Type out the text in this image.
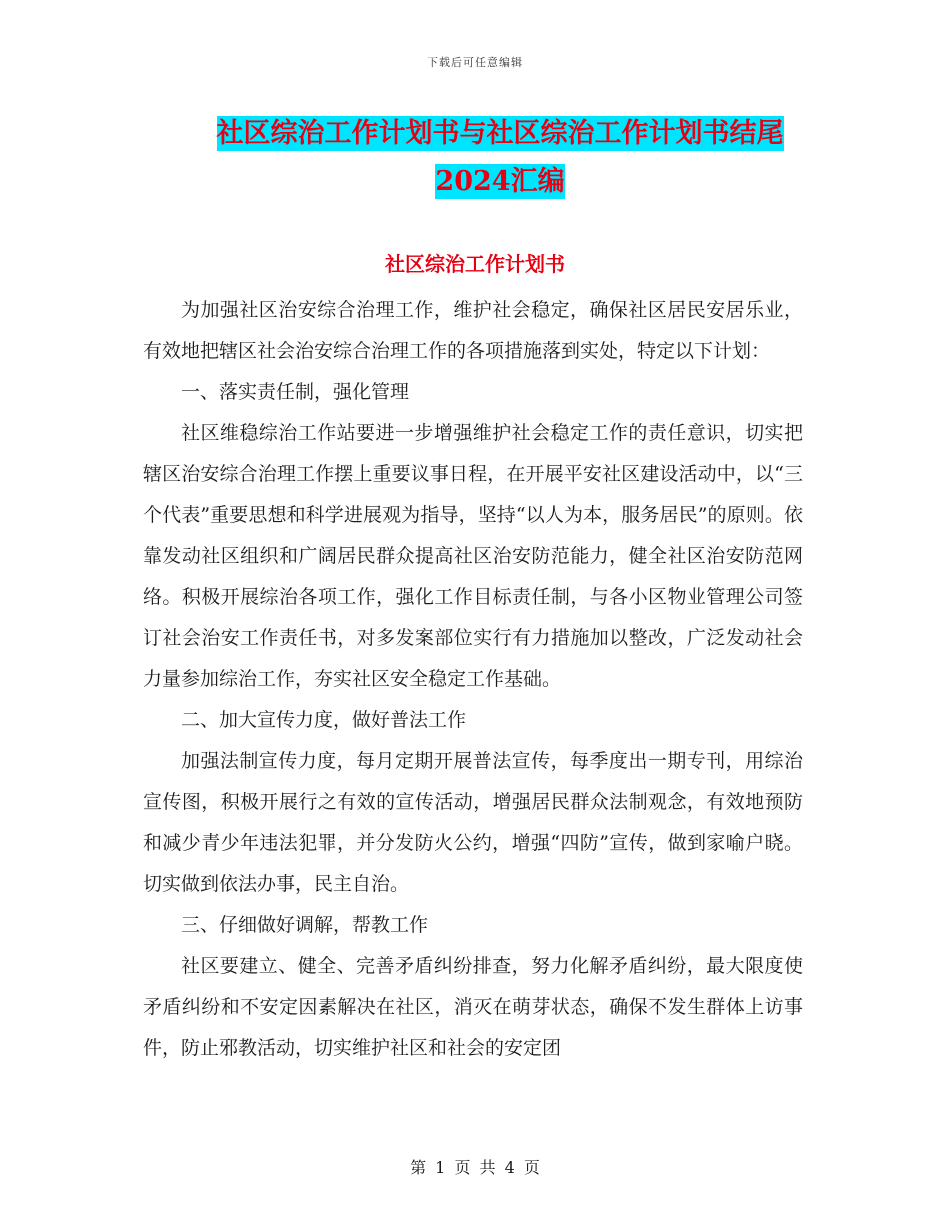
下载后可任意编辑
社区综治工作计划书与社区综治工作计划书结尾2024汇编
社区综治工作计划书

为加强社区治安综合治理工作，维护社会稳定，确保社区居民安居乐业，有效地把辖区社会治安综合治理工作的各项措施落到实处，特定以下计划：

一、落实责任制，强化管理

社区维稳综治工作站要进一步增强维护社会稳定工作的责任意识，切实把辖区治安综合治理工作摆上重要议事日程，在开展平安社区建设活动中，以“三个代表”重要思想和科学进展观为指导，坚持“以人为本，服务居民”的原则。依靠发动社区组织和广阔居民群众提高社区治安防范能力，健全社区治安防范网络。积极开展综治各项工作，强化工作目标责任制，与各小区物业管理公司签订社会治安工作责任书，对多发案部位实行有力措施加以整改，广泛发动社会力量参加综治工作，夯实社区安全稳定工作基础。

二、加大宣传力度，做好普法工作

加强法制宣传力度，每月定期开展普法宣传，每季度出一期专刊，用综治宣传图，积极开展行之有效的宣传活动，增强居民群众法制观念，有效地预防和减少青少年违法犯罪，并分发防火公约，增强“四防”宣传，做到家喻户晓。切实做到依法办事，民主自治。

三、仔细做好调解，帮教工作

社区要建立、健全、完善矛盾纠纷排查，努力化解矛盾纠纷，最大限度使矛盾纠纷和不安定因素解决在社区，消灭在萌芽状态，确保不发生群体上访事件，防止邪教活动，切实维护社区和社会的安定团

第 1 页 共 4 页
